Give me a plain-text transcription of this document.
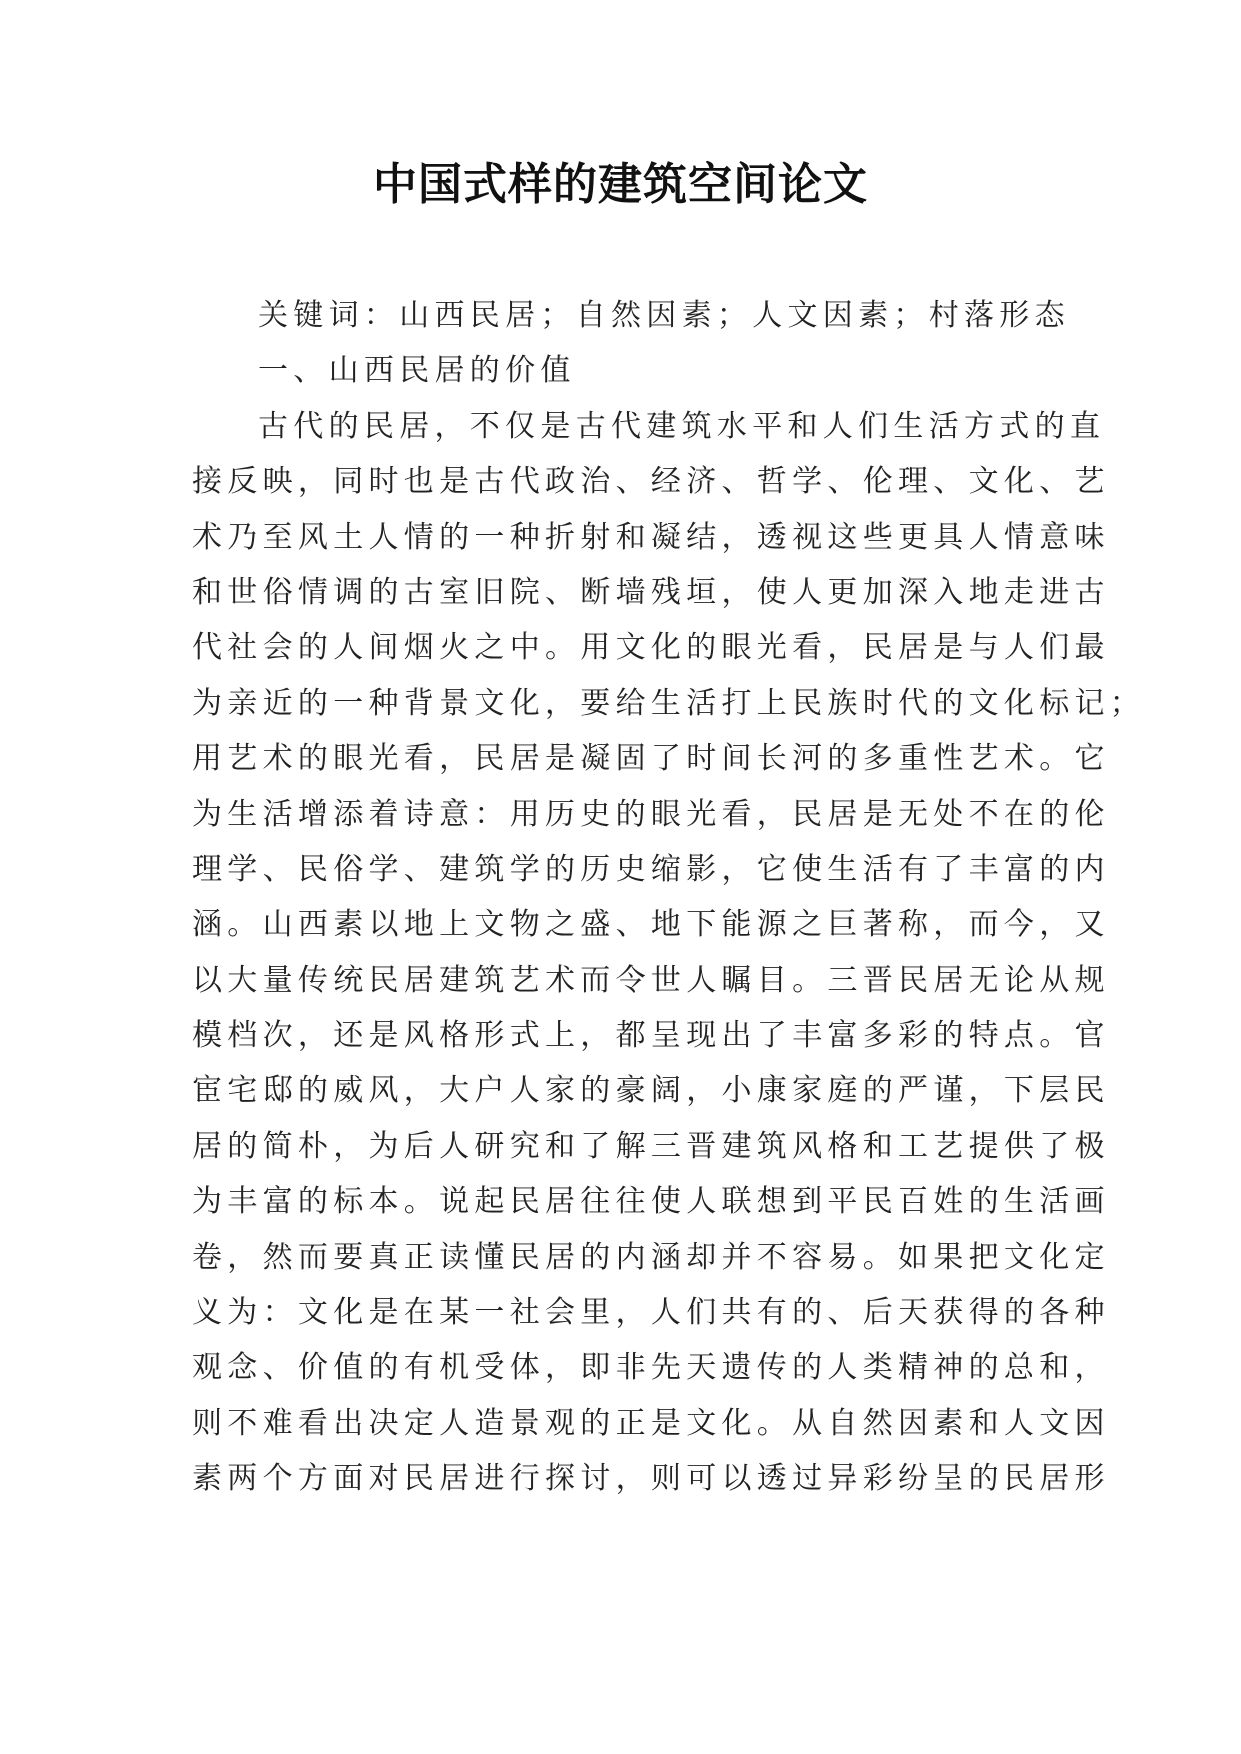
中国式样的建筑空间论文
关键词：山西民居；自然因素；人文因素；村落形态
一、山西民居的价值
古代的民居，不仅是古代建筑水平和人们生活方式的直
接反映，同时也是古代政治、经济、哲学、伦理、文化、艺
术乃至风土人情的一种折射和凝结，透视这些更具人情意味
和世俗情调的古室旧院、断墙残垣，使人更加深入地走进古
代社会的人间烟火之中。用文化的眼光看，民居是与人们最
为亲近的一种背景文化，要给生活打上民族时代的文化标记；
用艺术的眼光看，民居是凝固了时间长河的多重性艺术。它
为生活增添着诗意：用历史的眼光看，民居是无处不在的伦
理学、民俗学、建筑学的历史缩影，它使生活有了丰富的内
涵。山西素以地上文物之盛、地下能源之巨著称，而今，又
以大量传统民居建筑艺术而令世人瞩目。三晋民居无论从规
模档次，还是风格形式上，都呈现出了丰富多彩的特点。官
宦宅邸的威风，大户人家的豪阔，小康家庭的严谨，下层民
居的简朴，为后人研究和了解三晋建筑风格和工艺提供了极
为丰富的标本。说起民居往往使人联想到平民百姓的生活画
卷，然而要真正读懂民居的内涵却并不容易。如果把文化定
义为：文化是在某一社会里，人们共有的、后天获得的各种
观念、价值的有机受体，即非先天遗传的人类精神的总和，
则不难看出决定人造景观的正是文化。从自然因素和人文因
素两个方面对民居进行探讨，则可以透过异彩纷呈的民居形
